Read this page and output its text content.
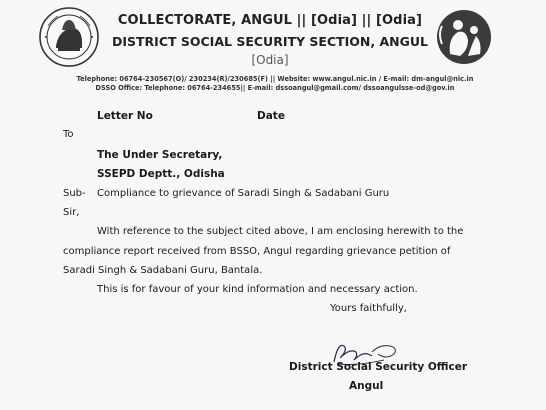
COLLECTORATE, ANGUL || [Odia] || [Odia]
DISTRICT SOCIAL SECURITY SECTION, ANGUL
[Odia]
Telephone: 06764-230567(O)/ 230234(R)/230685(F) || Website: www.angul.nic.in / E-mail: dm-angul@nic.in
DSSO Office: Telephone: 06764-234655|| E-mail: dssoangul@gmail.com/ dssoangulsse-od@gov.in
Letter No	Date
To
The Under Secretary,
SSEPD Deptt., Odisha
Sub- Compliance to grievance of Saradi Singh & Sadabani Guru
Sir,
With reference to the subject cited above, I am enclosing herewith to the
compliance report received from BSSO, Angul regarding grievance petition of
Saradi Singh & Sadabani Guru, Bantala.
This is for favour of your kind information and necessary action.
Yours faithfully,
District Social Security Officer
Angul
